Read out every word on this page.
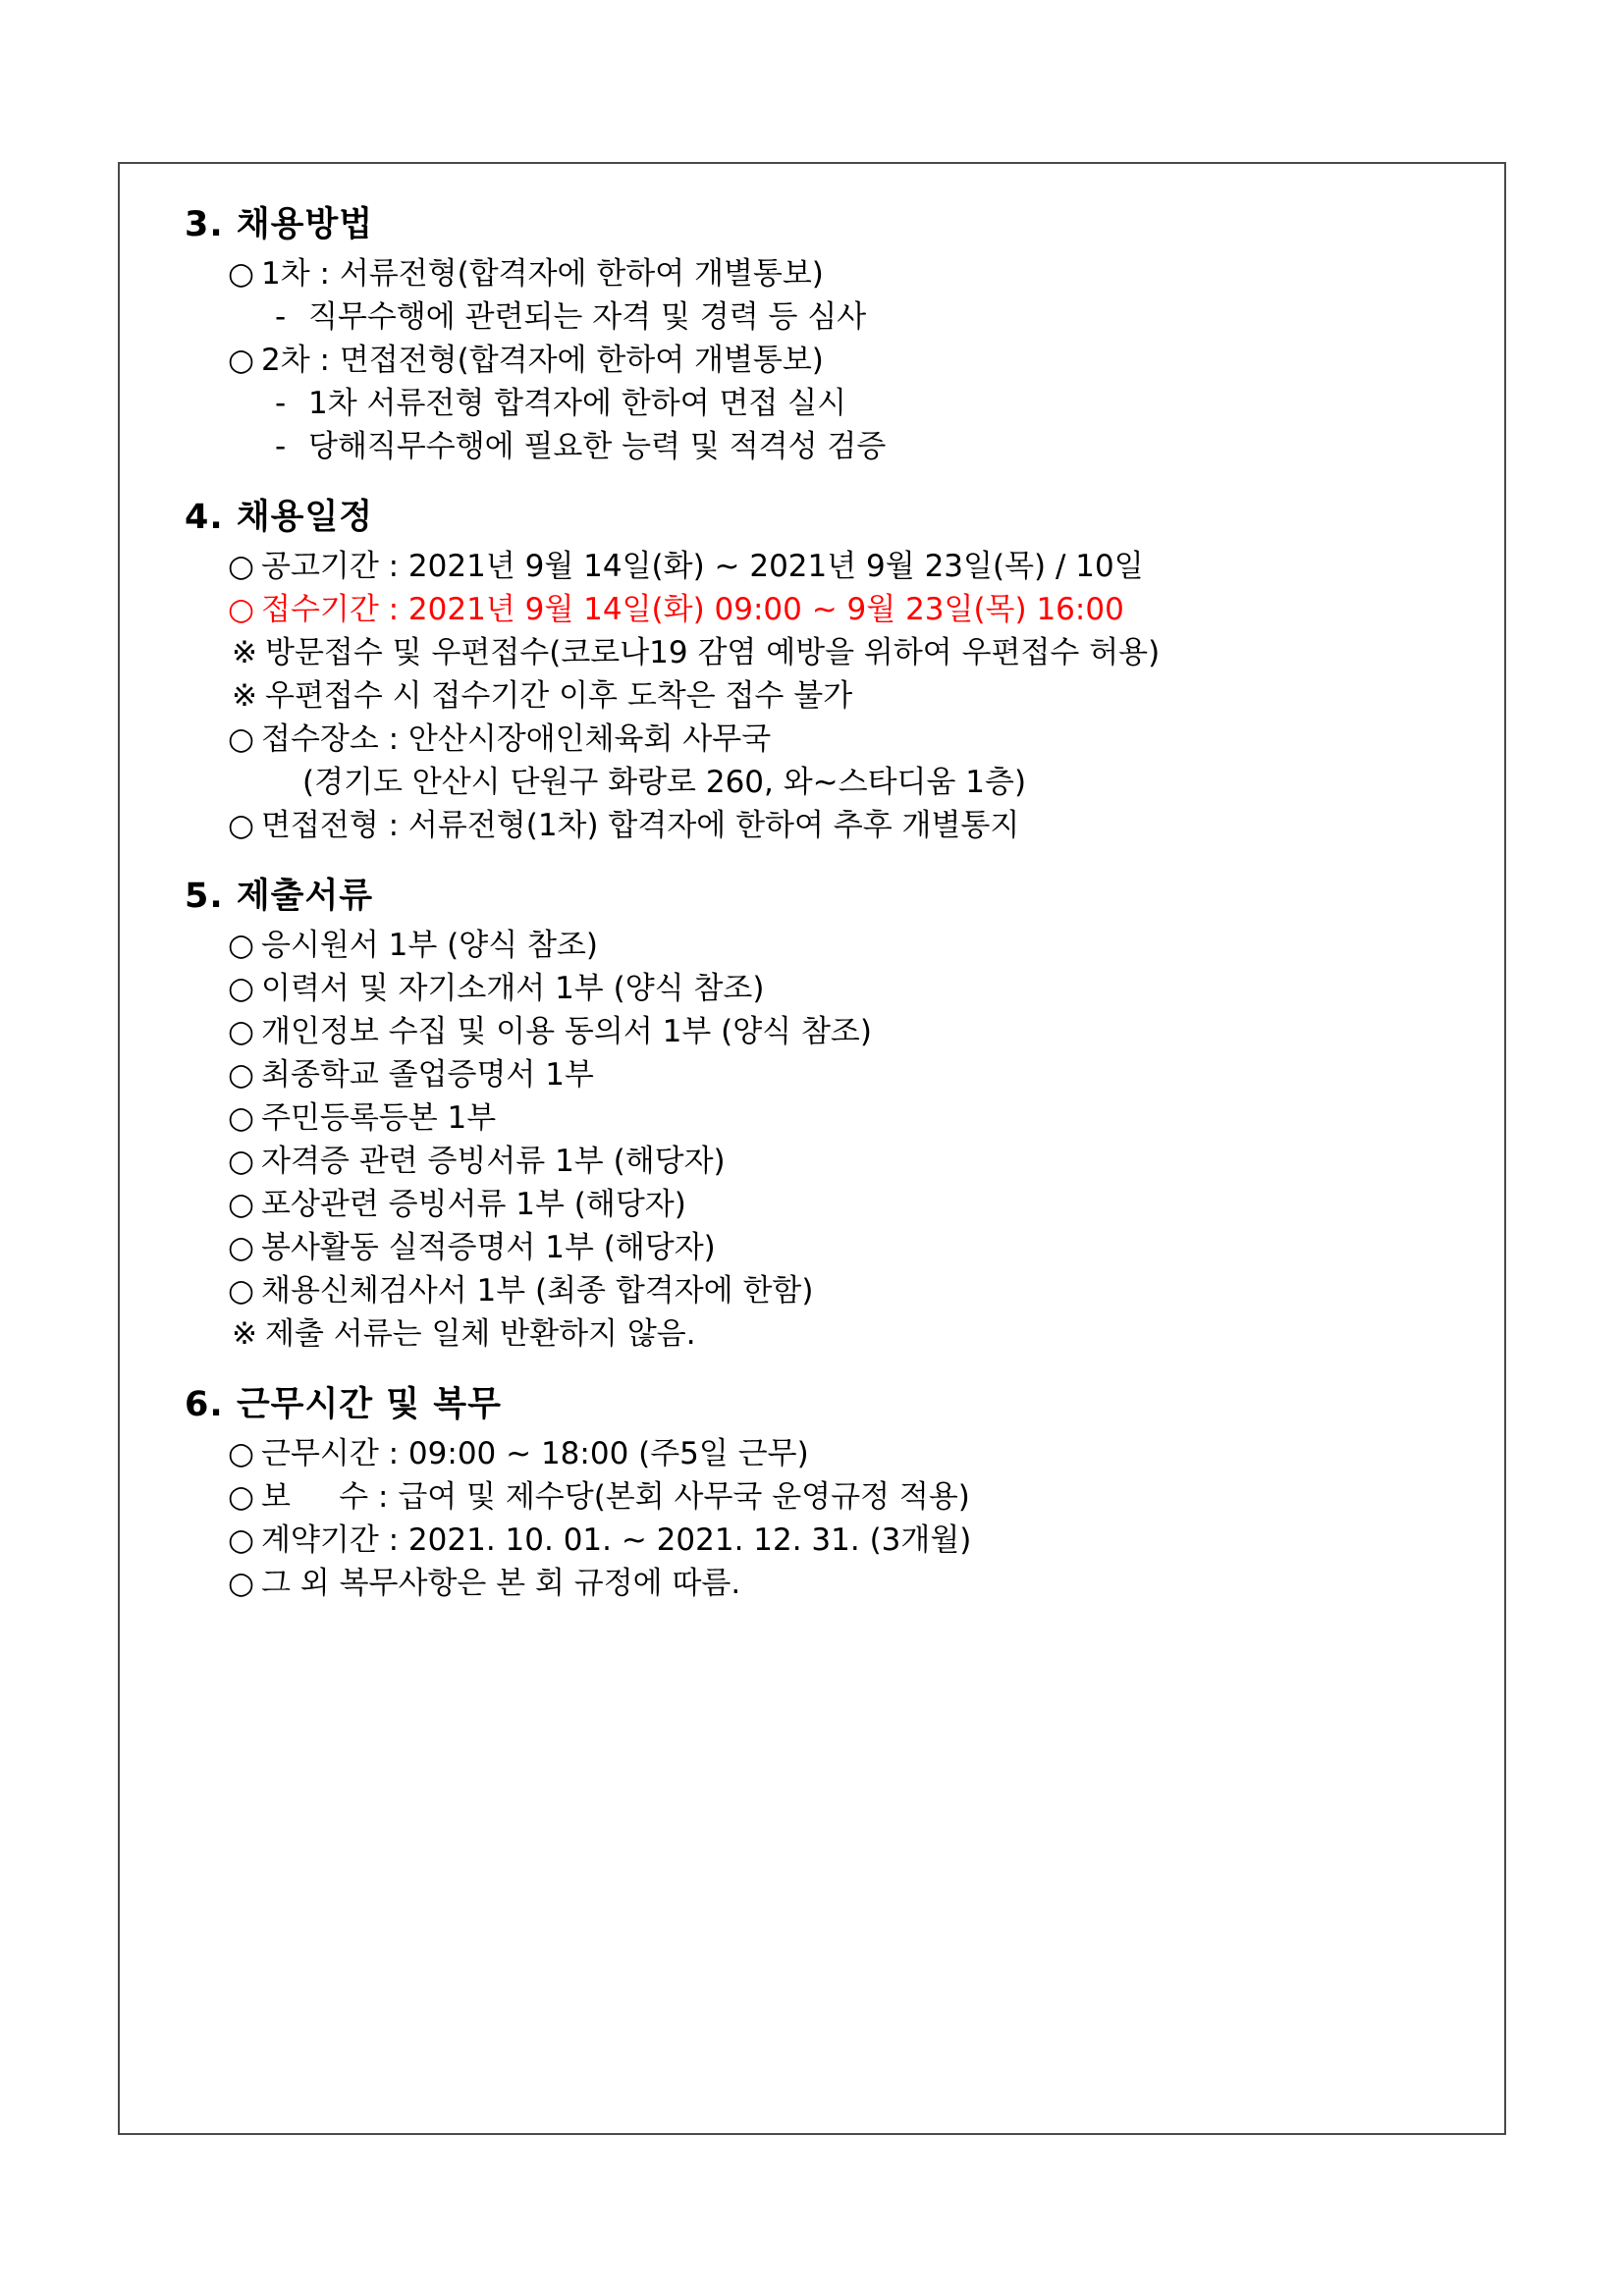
3. 채용방법
○ 1차 : 서류전형(합격자에 한하여 개별통보)
- 직무수행에 관련되는 자격 및 경력 등 심사
○ 2차 : 면접전형(합격자에 한하여 개별통보)
- 1차 서류전형 합격자에 한하여 면접 실시
- 당해직무수행에 필요한 능력 및 적격성 검증
4. 채용일정
○ 공고기간 : 2021년 9월 14일(화) ~ 2021년 9월 23일(목) / 10일
○ 접수기간 : 2021년 9월 14일(화) 09:00 ~ 9월 23일(목) 16:00
※ 방문접수 및 우편접수(코로나19 감염 예방을 위하여 우편접수 허용)
※ 우편접수 시 접수기간 이후 도착은 접수 불가
○ 접수장소 : 안산시장애인체육회 사무국
(경기도 안산시 단원구 화랑로 260, 와~스타디움 1층)
○ 면접전형 : 서류전형(1차) 합격자에 한하여 추후 개별통지
5. 제출서류
○ 응시원서 1부 (양식 참조)
○ 이력서 및 자기소개서 1부 (양식 참조)
○ 개인정보 수집 및 이용 동의서 1부 (양식 참조)
○ 최종학교 졸업증명서 1부
○ 주민등록등본 1부
○ 자격증 관련 증빙서류 1부 (해당자)
○ 포상관련 증빙서류 1부 (해당자)
○ 봉사활동 실적증명서 1부 (해당자)
○ 채용신체검사서 1부 (최종 합격자에 한함)
※ 제출 서류는 일체 반환하지 않음.
6. 근무시간 및 복무
○ 근무시간 : 09:00 ~ 18:00 (주5일 근무)
○ 보     수 : 급여 및 제수당(본회 사무국 운영규정 적용)
○ 계약기간 : 2021. 10. 01. ~ 2021. 12. 31. (3개월)
○ 그 외 복무사항은 본 회 규정에 따름.
